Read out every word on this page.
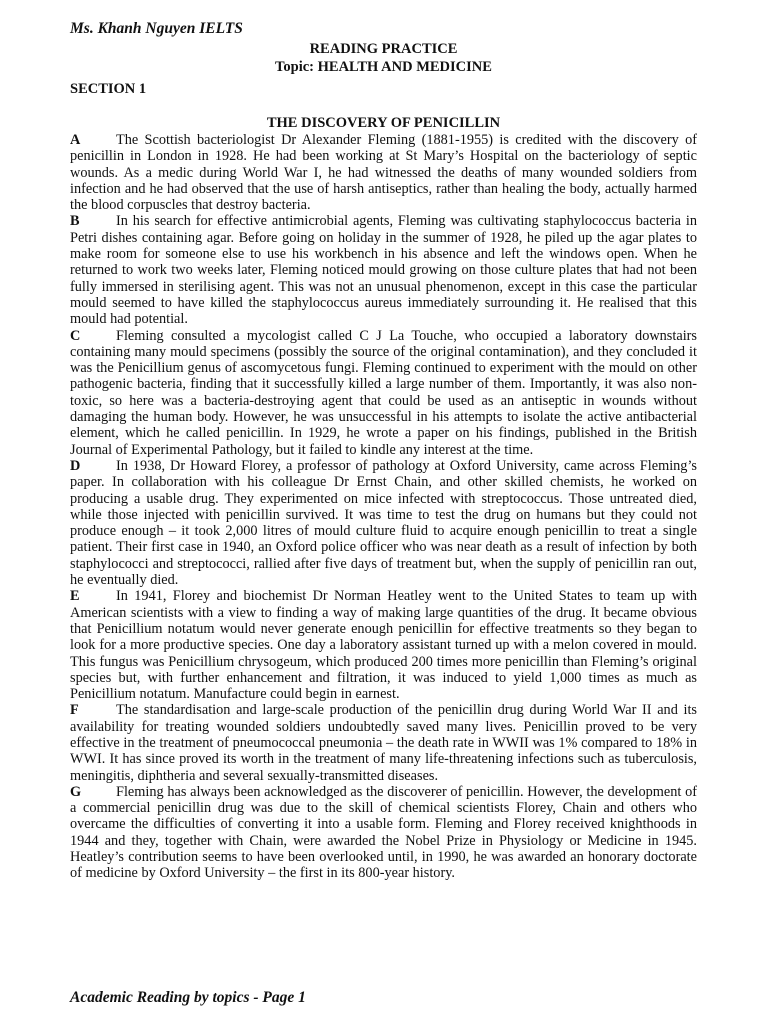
Ms. Khanh Nguyen IELTS

READING PRACTICE

Topic: HEALTH AND MEDICINE

SECTION 1

THE DISCOVERY OF PENICILLIN

A The Scottish bacteriologist Dr Alexander Fleming (1881-1955) is credited with the discovery of penicillin in London in 1928. He had been working at St Mary’s Hospital on the bacteriology of septic wounds. As a medic during World War I, he had witnessed the deaths of many wounded soldiers from infection and he had observed that the use of harsh antiseptics, rather than healing the body, actually harmed the blood corpuscles that destroy bacteria.

B	In his search for effective antimicrobial agents, Fleming was cultivating staphylococcus bacteria in Petri dishes containing agar. Before going on holiday in the summer of 1928, he piled up the agar plates to make room for someone else to use his workbench in his absence and left the windows open. When he returned to work two weeks later, Fleming noticed mould growing on those culture plates that had not been fully immersed in sterilising agent. This was not an unusual phenomenon, except in this case the particular mould seemed to have killed the staphylococcus aureus immediately surrounding it. He realised that this mould had potential.

C Fleming consulted a mycologist called C J La Touche, who occupied a laboratory downstairs containing many mould specimens (possibly the source of the original contamination), and they concluded it was the Penicillium genus of ascomycetous fungi. Fleming continued to experiment with the mould on other pathogenic bacteria, finding that it successfully killed a large number of them. Importantly, it was also non-toxic, so here was a bacteria-destroying agent that could be used as an antiseptic in wounds without damaging the human body. However, he was unsuccessful in his attempts to isolate the active antibacterial element, which he called penicillin. In 1929, he wrote a paper on his findings, published in the British Journal of Experimental Pathology, but it failed to kindle any interest at the time.

D In 1938, Dr Howard Florey, a professor of pathology at Oxford University, came across Fleming’s paper. In collaboration with his colleague Dr Ernst Chain, and other skilled chemists, he worked on producing a usable drug. They experimented on mice infected with streptococcus. Those untreated died, while those injected with penicillin survived. It was time to test the drug on humans but they could not produce enough – it took 2,000 litres of mould culture fluid to acquire enough penicillin to treat a single patient. Their first case in 1940, an Oxford police officer who was near death as a result of infection by both staphylococci and streptococci, rallied after five days of treatment but, when the supply of penicillin ran out, he eventually died.

E	In 1941, Florey and biochemist Dr Norman Heatley went to the United States to team up with American scientists with a view to finding a way of making large quantities of the drug. It became obvious that Penicillium notatum would never generate enough penicillin for effective treatments so they began to look for a more productive species. One day a laboratory assistant turned up with a melon covered in mould. This fungus was Penicillium chrysogeum, which produced 200 times more penicillin than Fleming’s original species but, with further enhancement and filtration, it was induced to yield 1,000 times as much as Penicillium notatum. Manufacture could begin in earnest.

F	The standardisation and large-scale production of the penicillin drug during World War II and its availability for treating wounded soldiers undoubtedly saved many lives. Penicillin proved to be very effective in the treatment of pneumococcal pneumonia – the death rate in WWII was 1% compared to 18% in WWI. It has since proved its worth in the treatment of many life-threatening infections such as tuberculosis, meningitis, diphtheria and several sexually-transmitted diseases.

G Fleming has always been acknowledged as the discoverer of penicillin. However, the development of a commercial penicillin drug was due to the skill of chemical scientists Florey, Chain and others who overcame the difficulties of converting it into a usable form. Fleming and Florey received knighthoods in 1944 and they, together with Chain, were awarded the Nobel Prize in Physiology or Medicine in 1945. Heatley’s contribution seems to have been overlooked until, in 1990, he was awarded an honorary doctorate of medicine by Oxford University – the first in its 800-year history.

Academic Reading by topics - Page 1
